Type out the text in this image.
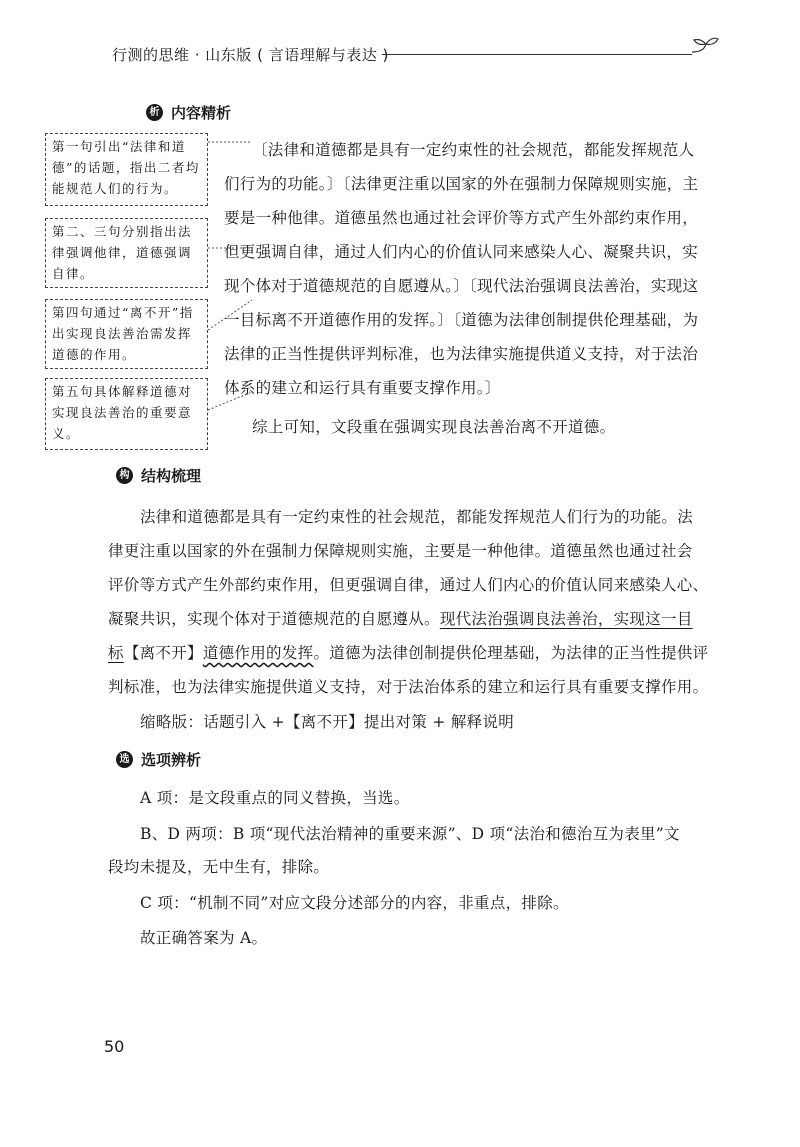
行测的思维 · 山东版 ( 言语理解与表达 )
析 内容精析
第一句引出“法律和道德”的话题，指出二者均能规范人们的行为。
第二、三句分别指出法律强调他律，道德强调自律。
第四句通过“离不开”指出实现良法善治需发挥道德的作用。
第五句具体解释道德对实现良法善治的重要意义。
〔法律和道德都是具有一定约束性的社会规范，都能发挥规范人
们行为的功能。〕〔法律更注重以国家的外在强制力保障规则实施，主
要是一种他律。道德虽然也通过社会评价等方式产生外部约束作用，
但更强调自律，通过人们内心的价值认同来感染人心、凝聚共识，实
现个体对于道德规范的自愿遵从。〕〔现代法治强调良法善治，实现这
一目标离不开道德作用的发挥。〕〔道德为法律创制提供伦理基础，为
法律的正当性提供评判标准，也为法律实施提供道义支持，对于法治
体系的建立和运行具有重要支撑作用。〕
综上可知，文段重在强调实现良法善治离不开道德。
构 结构梳理
法律和道德都是具有一定约束性的社会规范，都能发挥规范人们行为的功能。法
律更注重以国家的外在强制力保障规则实施，主要是一种他律。道德虽然也通过社会
评价等方式产生外部约束作用，但更强调自律，通过人们内心的价值认同来感染人心、
凝聚共识，实现个体对于道德规范的自愿遵从。现代法治强调良法善治，实现这一目
标【离不开】道德作用的发挥。道德为法律创制提供伦理基础，为法律的正当性提供评
判标准，也为法律实施提供道义支持，对于法治体系的建立和运行具有重要支撑作用。
缩略版：话题引入 +【离不开】提出对策 + 解释说明
选 选项辨析
A 项：是文段重点的同义替换，当选。
B、D 两项：B 项“现代法治精神的重要来源”、D 项“法治和德治互为表里”文
段均未提及，无中生有，排除。
C 项：“机制不同”对应文段分述部分的内容，非重点，排除。
故正确答案为 A。
50
